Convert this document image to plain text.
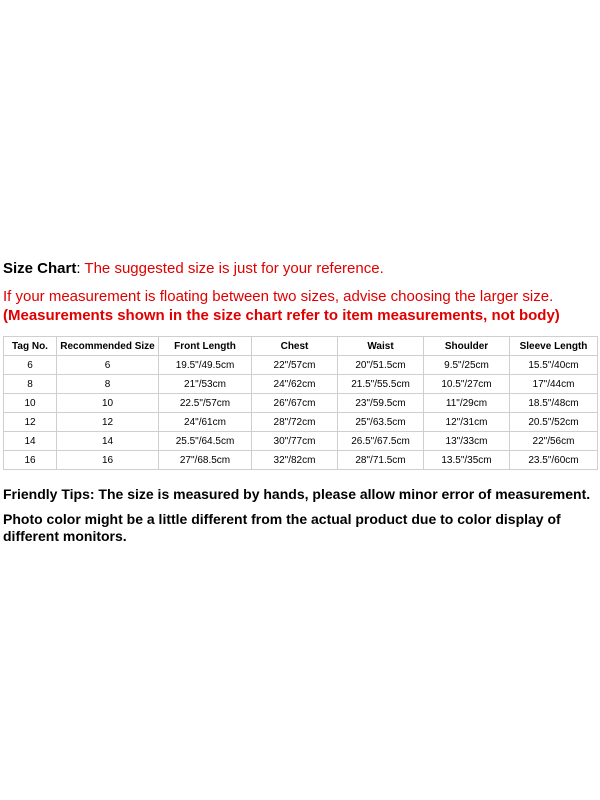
Size Chart: The suggested size is just for your reference.
If your measurement is floating between two sizes, advise choosing the larger size.
(Measurements shown in the size chart refer to item measurements, not body)
Tag No.	Recommended Size	Front Length	Chest	Waist	Shoulder	Sleeve Length
6	6	19.5"/49.5cm	22"/57cm	20"/51.5cm	9.5"/25cm	15.5"/40cm
8	8	21"/53cm	24"/62cm	21.5"/55.5cm	10.5"/27cm	17"/44cm
10	10	22.5"/57cm	26"/67cm	23"/59.5cm	11"/29cm	18.5"/48cm
12	12	24"/61cm	28"/72cm	25"/63.5cm	12"/31cm	20.5"/52cm
14	14	25.5"/64.5cm	30"/77cm	26.5"/67.5cm	13"/33cm	22"/56cm
16	16	27"/68.5cm	32"/82cm	28"/71.5cm	13.5"/35cm	23.5"/60cm
Friendly Tips: The size is measured by hands, please allow minor error of measurement.
Photo color might be a little different from the actual product due to color display of different monitors.
